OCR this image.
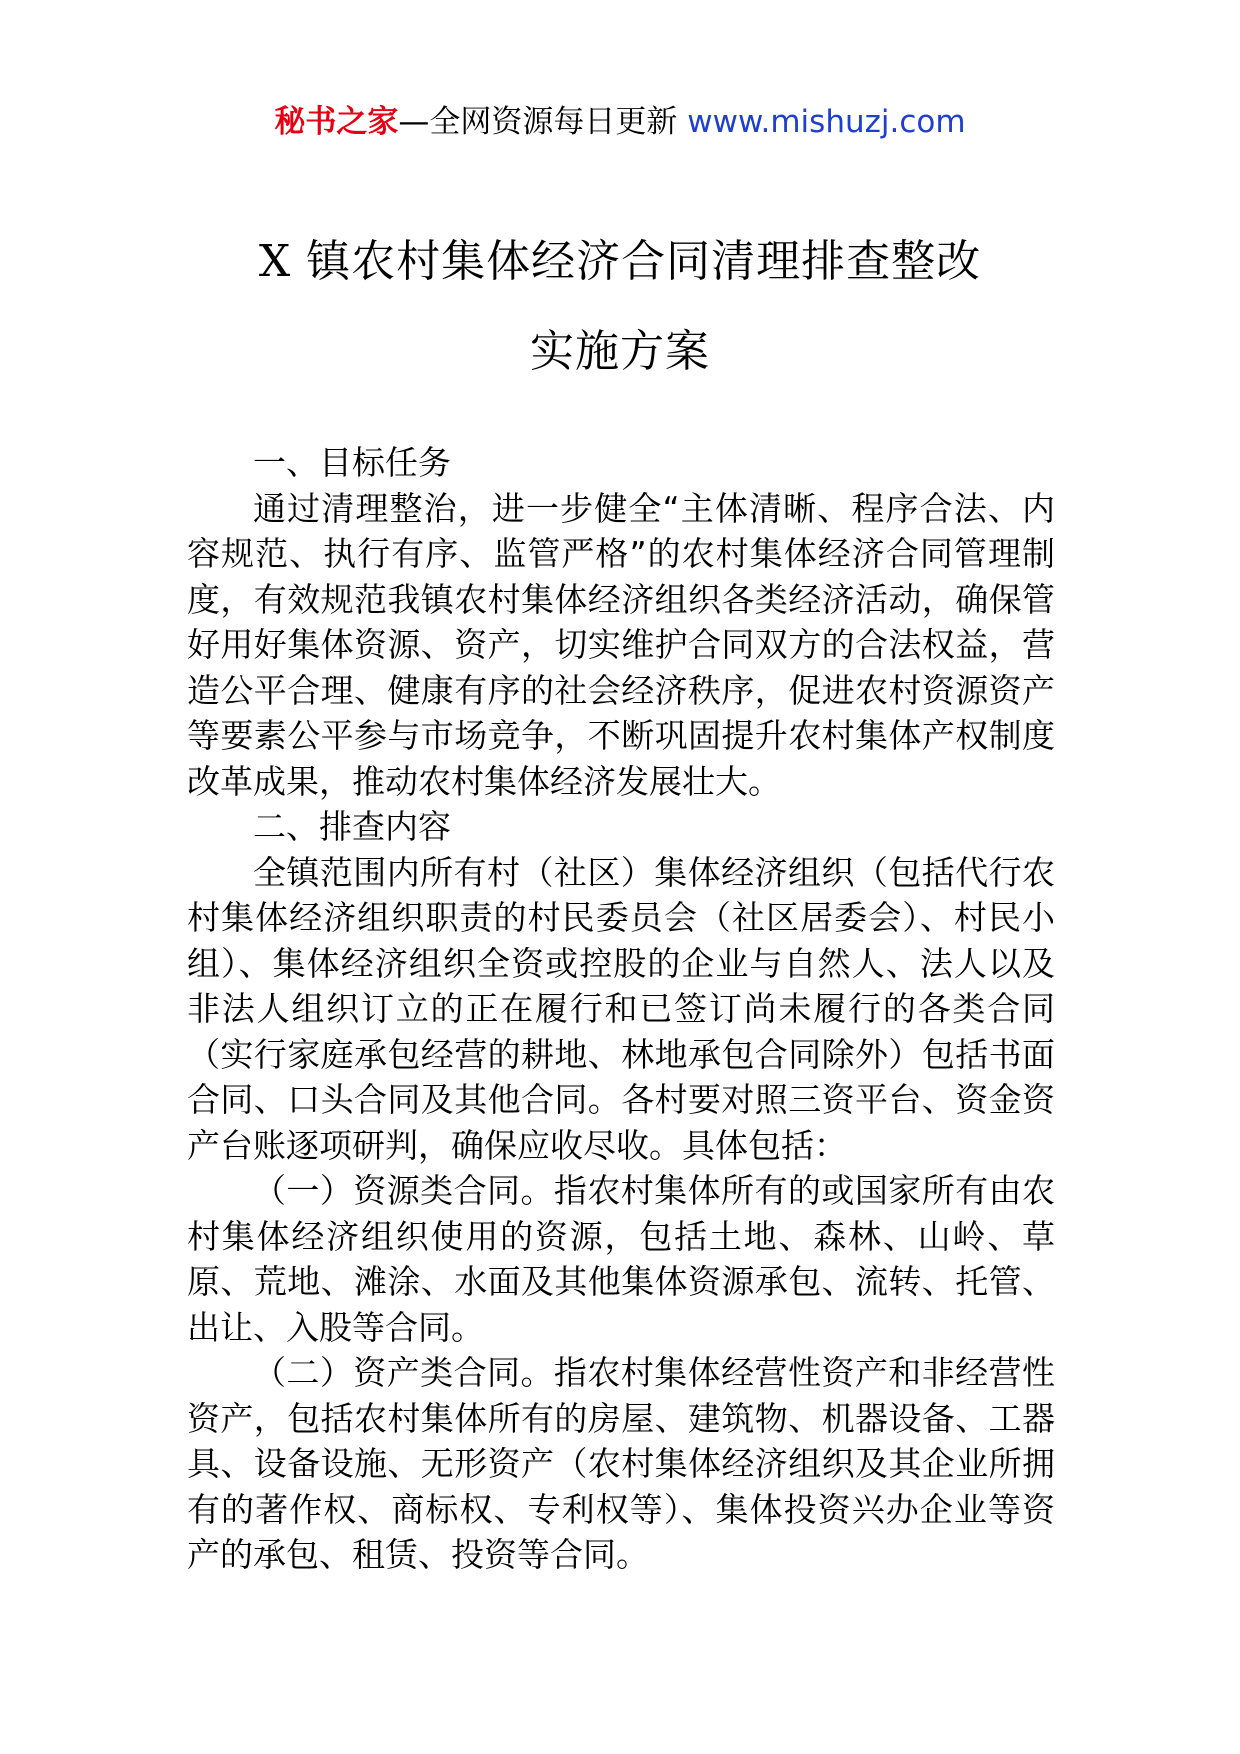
秘书之家—全网资源每日更新 www.mishuzj.com
X 镇农村集体经济合同清理排查整改
实施方案

一、目标任务

通过清理整治，进一步健全“主体清晰、程序合法、内容规范、执行有序、监管严格”的农村集体经济合同管理制度，有效规范我镇农村集体经济组织各类经济活动，确保管好用好集体资源、资产，切实维护合同双方的合法权益，营造公平合理、健康有序的社会经济秩序，促进农村资源资产等要素公平参与市场竞争，不断巩固提升农村集体产权制度改革成果，推动农村集体经济发展壮大。

二、排查内容

全镇范围内所有村（社区）集体经济组织（包括代行农村集体经济组织职责的村民委员会（社区居委会）、村民小组）、集体经济组织全资或控股的企业与自然人、法人以及非法人组织订立的正在履行和已签订尚未履行的各类合同（实行家庭承包经营的耕地、林地承包合同除外）包括书面合同、口头合同及其他合同。各村要对照三资平台、资金资产台账逐项研判，确保应收尽收。具体包括：

（一）资源类合同。指农村集体所有的或国家所有由农村集体经济组织使用的资源，包括土地、森林、山岭、草原、荒地、滩涂、水面及其他集体资源承包、流转、托管、出让、入股等合同。

（二）资产类合同。指农村集体经营性资产和非经营性资产，包括农村集体所有的房屋、建筑物、机器设备、工器具、设备设施、无形资产（农村集体经济组织及其企业所拥有的著作权、商标权、专利权等）、集体投资兴办企业等资产的承包、租赁、投资等合同。
